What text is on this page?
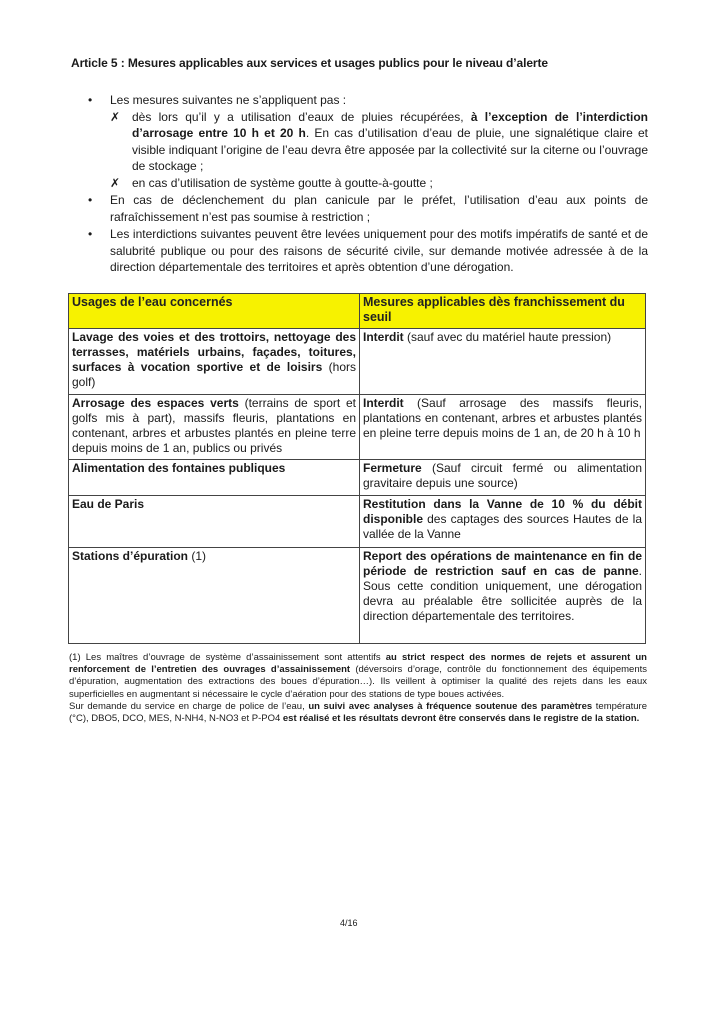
Article 5 : Mesures applicables aux services et usages publics pour le niveau d’alerte
•	Les mesures suivantes ne s’appliquent pas :
✗ dès lors qu’il y a utilisation d’eaux de pluies récupérées, à l’exception de l’interdiction d’arrosage entre 10 h et 20 h. En cas d’utilisation d’eau de pluie, une signalétique claire et visible indiquant l’origine de l’eau devra être apposée par la collectivité sur la citerne ou l’ouvrage de stockage ;
✗ en cas d’utilisation de système goutte à goutte-à-goutte ;
•	En cas de déclenchement du plan canicule par le préfet, l’utilisation d’eau aux points de rafraîchissement n’est pas soumise à restriction ;
•	Les interdictions suivantes peuvent être levées uniquement pour des motifs impératifs de santé et de salubrité publique ou pour des raisons de sécurité civile, sur demande motivée adressée à de la direction départementale des territoires et après obtention d’une dérogation.
Usages de l’eau concernés	Mesures applicables dès franchissement du seuil
Lavage des voies et des trottoirs, nettoyage des terrasses, matériels urbains, façades, toitures, surfaces à vocation sportive et de loisirs (hors golf)	Interdit (sauf avec du matériel haute pression)
Arrosage des espaces verts (terrains de sport et golfs mis à part), massifs fleuris, plantations en contenant, arbres et arbustes plantés en pleine terre depuis moins de 1 an, publics ou privés	Interdit (Sauf arrosage des massifs fleuris, plantations en contenant, arbres et arbustes plantés en pleine terre depuis moins de 1 an, de 20 h à 10 h
Alimentation des fontaines publiques	Fermeture (Sauf circuit fermé ou alimentation gravitaire depuis une source)
Eau de Paris	Restitution dans la Vanne de 10 % du débit disponible des captages des sources Hautes de la vallée de la Vanne
Stations d’épuration (1)	Report des opérations de maintenance en fin de période de restriction sauf en cas de panne. Sous cette condition uniquement, une dérogation devra au préalable être sollicitée auprès de la direction départementale des territoires.

(1) Les maîtres d’ouvrage de système d’assainissement sont attentifs au strict respect des normes de rejets et assurent un renforcement de l’entretien des ouvrages d’assainissement (déversoirs d’orage, contrôle du fonctionnement des équipements d’épuration, augmentation des extractions des boues d’épuration…). Ils veillent à optimiser la qualité des rejets dans les eaux superficielles en augmentant si nécessaire le cycle d’aération pour des stations de type boues activées.

Sur demande du service en charge de police de l’eau, un suivi avec analyses à fréquence soutenue des paramètres température (°C), DBO5, DCO, MES, N-NH4, N-NO3 et P-PO4 est réalisé et les résultats devront être conservés dans le registre de la station.

4/16
